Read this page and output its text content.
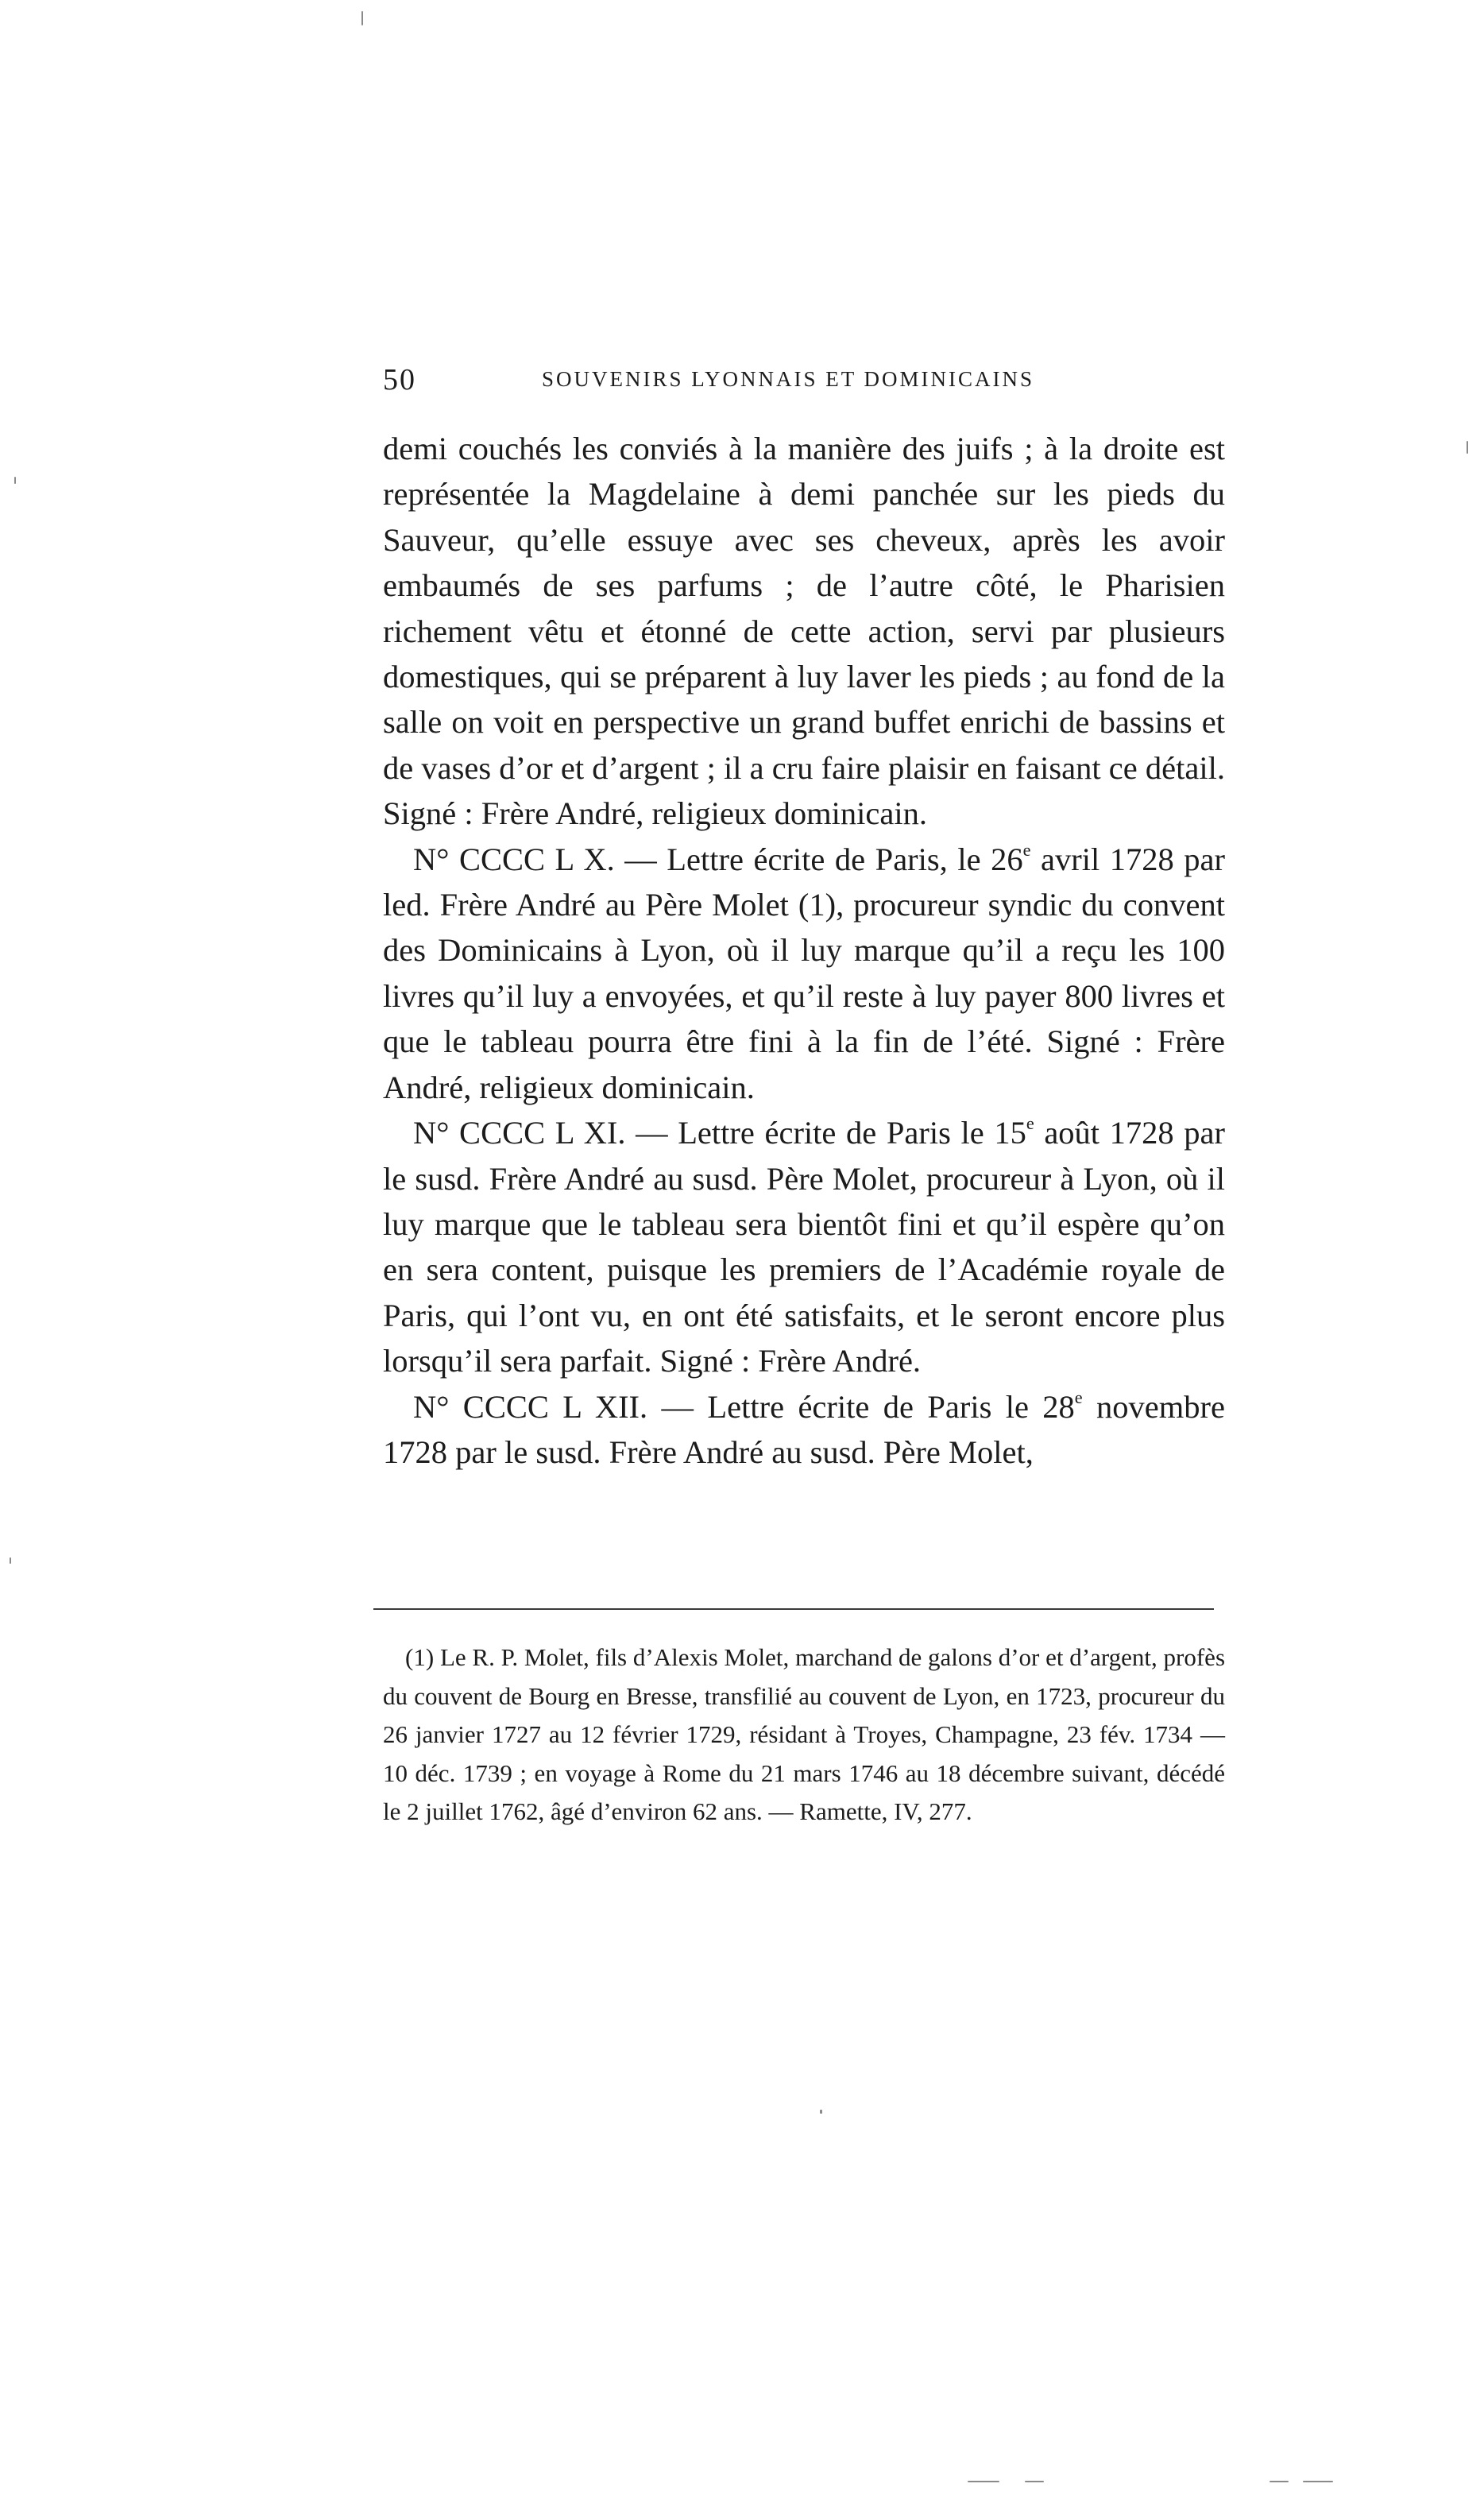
50	SOUVENIRS LYONNAIS ET DOMINICAINS

demi couchés les conviés à la manière des juifs ; à la droite est représentée la Magdelaine à demi panchée sur les pieds du Sauveur, qu’elle essuye avec ses cheveux, après les avoir embaumés de ses parfums ; de l’autre côté, le Pharisien richement vêtu et étonné de cette action, servi par plusieurs domestiques, qui se préparent à luy laver les pieds ; au fond de la salle on voit en perspective un grand buffet enrichi de bassins et de vases d’or et d’argent ; il a cru faire plaisir en faisant ce détail. Signé : Frère André, religieux dominicain.

N° CCCC L X. — Lettre écrite de Paris, le 26e avril 1728 par led. Frère André au Père Molet (1), procureur syndic du convent des Dominicains à Lyon, où il luy marque qu’il a reçu les 100 livres qu’il luy a envoyées, et qu’il reste à luy payer 800 livres et que le tableau pourra être fini à la fin de l’été. Signé : Frère André, religieux dominicain.

N° CCCC L XI. — Lettre écrite de Paris le 15e août 1728 par le susd. Frère André au susd. Père Molet, procureur à Lyon, où il luy marque que le tableau sera bientôt fini et qu’il espère qu’on en sera content, puisque les premiers de l’Académie royale de Paris, qui l’ont vu, en ont été satisfaits, et le seront encore plus lorsqu’il sera parfait. Signé : Frère André.

N° CCCC L XII. — Lettre écrite de Paris le 28e novembre 1728 par le susd. Frère André au susd. Père Molet,

(1) Le R. P. Molet, fils d’Alexis Molet, marchand de galons d’or et d’argent, profès du couvent de Bourg en Bresse, transfilié au couvent de Lyon, en 1723, procureur du 26 janvier 1727 au 12 février 1729, résidant à Troyes, Champagne, 23 fév. 1734 — 10 déc. 1739 ; en voyage à Rome du 21 mars 1746 au 18 décembre suivant, décédé le 2 juillet 1762, âgé d’environ 62 ans. — Ramette, IV, 277.
